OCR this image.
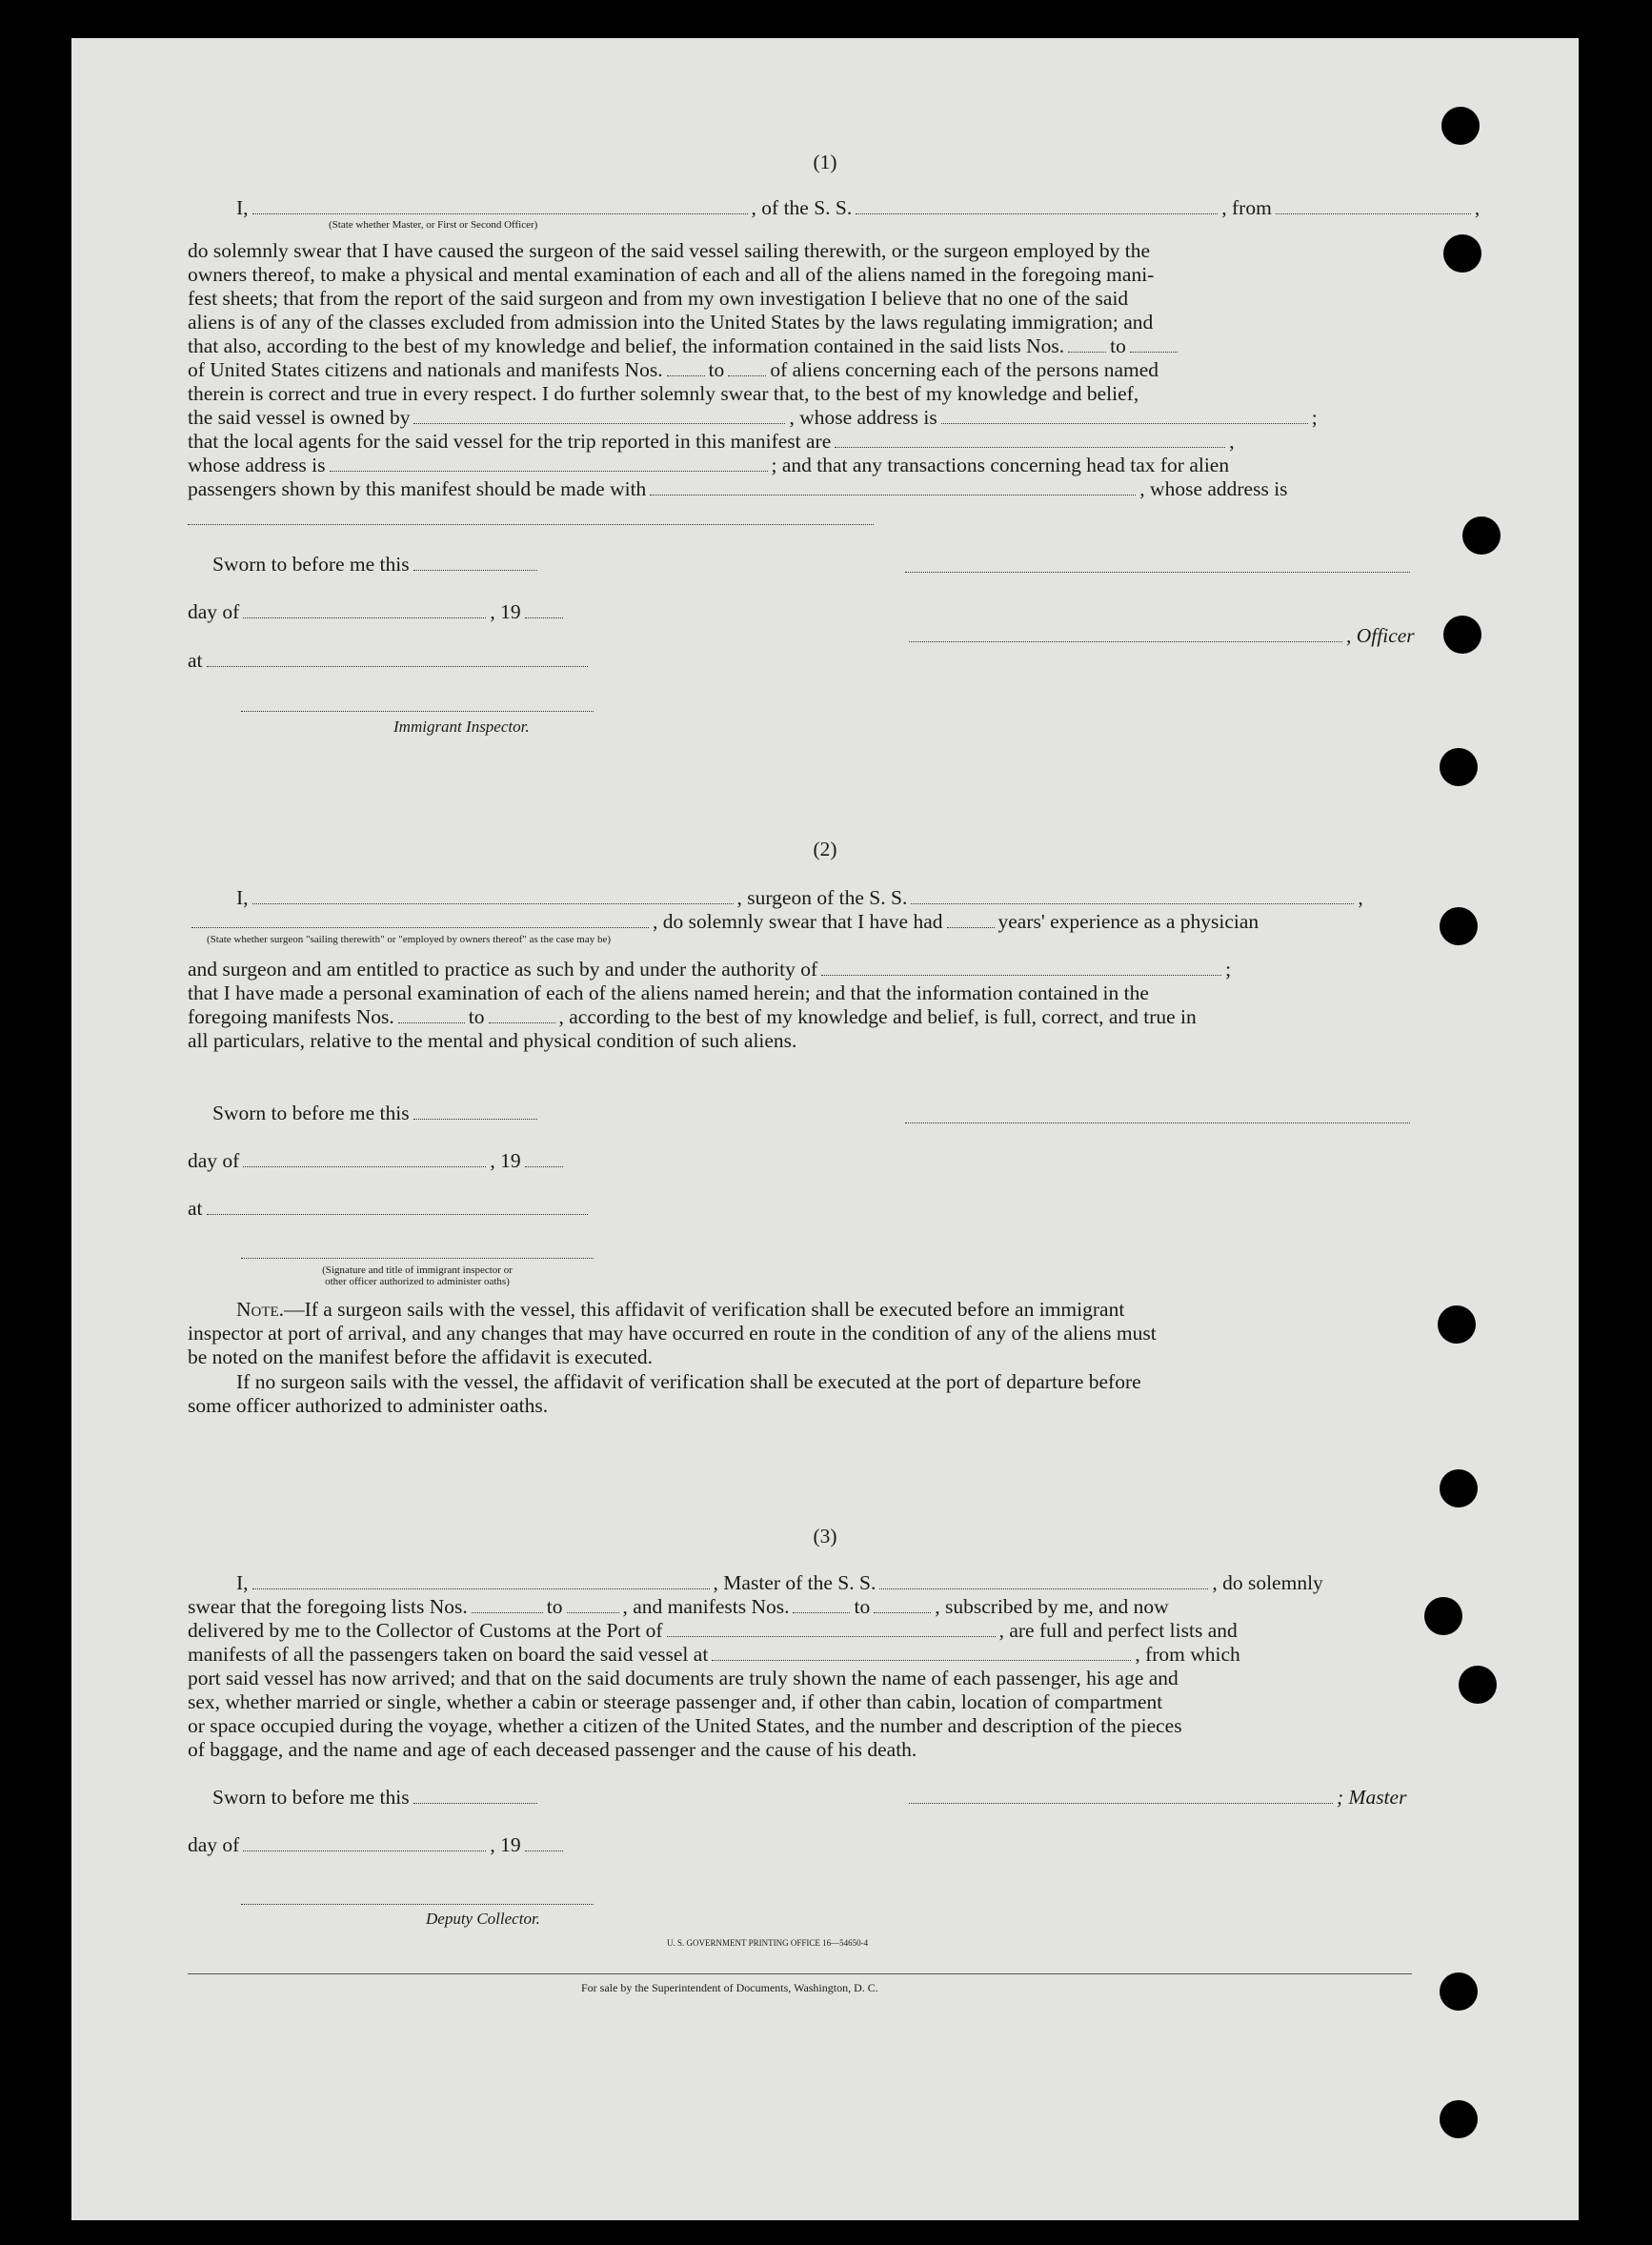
(1)
I,	, of the S. S.	, from	,
(State whether Master, or First or Second Officer)
do solemnly swear that I have caused the surgeon of the said vessel sailing therewith, or the surgeon employed by the
owners thereof, to make a physical and mental examination of each and all of the aliens named in the foregoing mani-
fest sheets; that from the report of the said surgeon and from my own investigation I believe that no one of the said
aliens is of any of the classes excluded from admission into the United States by the laws regulating immigration; and
that also, according to the best of my knowledge and belief, the information contained in the said lists Nos. to
of United States citizens and nationals and manifests Nos. to of aliens concerning each of the persons named
therein is correct and true in every respect. I do further solemnly swear that, to the best of my knowledge and belief,
the said vessel is owned by	, whose address is	;
that the local agents for the said vessel for the trip reported in this manifest are	,
whose address is	; and that any transactions concerning head tax for alien
passengers shown by this manifest should be made with	, whose address is
Sworn to before me this
day of	, 19
, Officer
at
Immigrant Inspector.
(2)
I,	, surgeon of the S. S.	,
, do solemnly swear that I have had	years' experience as a physician
(State whether surgeon "sailing therewith" or "employed by owners thereof" as the case may be)
and surgeon and am entitled to practice as such by and under the authority of	;
that I have made a personal examination of each of the aliens named herein; and that the information contained in the
foregoing manifests Nos.	to	, according to the best of my knowledge and belief, is full, correct, and true in
all particulars, relative to the mental and physical condition of such aliens.
Sworn to before me this
day of	, 19
at
(Signature and title of immigrant inspector or
other officer authorized to administer oaths)
Note.—If a surgeon sails with the vessel, this affidavit of verification shall be executed before an immigrant
inspector at port of arrival, and any changes that may have occurred en route in the condition of any of the aliens must
be noted on the manifest before the affidavit is executed.
If no surgeon sails with the vessel, the affidavit of verification shall be executed at the port of departure before
some officer authorized to administer oaths.
(3)
I,	, Master of the S. S.	, do solemnly
swear that the foregoing lists Nos.	to	, and manifests Nos.	to	, subscribed by me, and now
delivered by me to the Collector of Customs at the Port of	, are full and perfect lists and
manifests of all the passengers taken on board the said vessel at	, from which
port said vessel has now arrived; and that on the said documents are truly shown the name of each passenger, his age and
sex, whether married or single, whether a cabin or steerage passenger and, if other than cabin, location of compartment
or space occupied during the voyage, whether a citizen of the United States, and the number and description of the pieces
of baggage, and the name and age of each deceased passenger and the cause of his death.
Sworn to before me this	; Master
day of	, 19
Deputy Collector.
U. S. GOVERNMENT PRINTING OFFICE 16—54650-4
For sale by the Superintendent of Documents, Washington, D. C.
